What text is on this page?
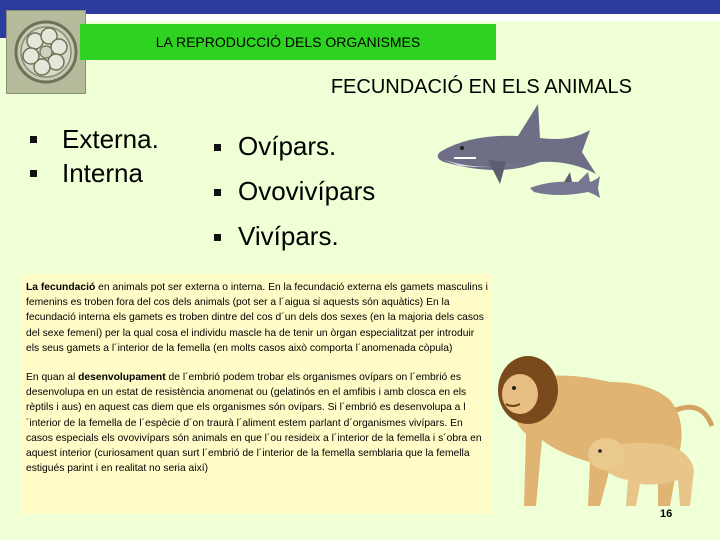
LA REPRODUCCIÓ DELS ORGANISMES
FECUNDACIÓ EN ELS ANIMALS
Externa.
Interna
Ovípars.
Ovovivípars
Vivípars.

La fecundació en animals pot ser externa o interna. En la fecundació externa els gamets masculins i femenins es troben fora del cos dels animals (pot ser a l´aigua si aquests són aquàtics) En la fecundació interna els gamets es troben dintre del cos d´un dels dos sexes (en la majoria dels casos del sexe femení) per la qual cosa el individu mascle ha de tenir un òrgan especialitzat per introduir els seus gamets a l´interior de la femella (en molts casos això comporta l´anomenada còpula)

En quan al desenvolupament de l´embrió podem trobar els organismes ovípars on l´embrió es desenvolupa en un estat de resistència anomenat ou (gelatinós en el amfibis i amb closca en els rèptils i aus) en aquest cas diem que els organismes són ovípars. Si l´embrió es desenvolupa a l´interior de la femella de l´espècie d´on traurà l´aliment estem parlant d´organismes vivípars. En casos especials els ovovivípars són animals en que l´ou resideix a l´interior de la femella i s´obra en aquest interior (curiosament quan surt l´embrió de l´interior de la femella semblaria que la femella estigués parint i en realitat no seria així)

16
